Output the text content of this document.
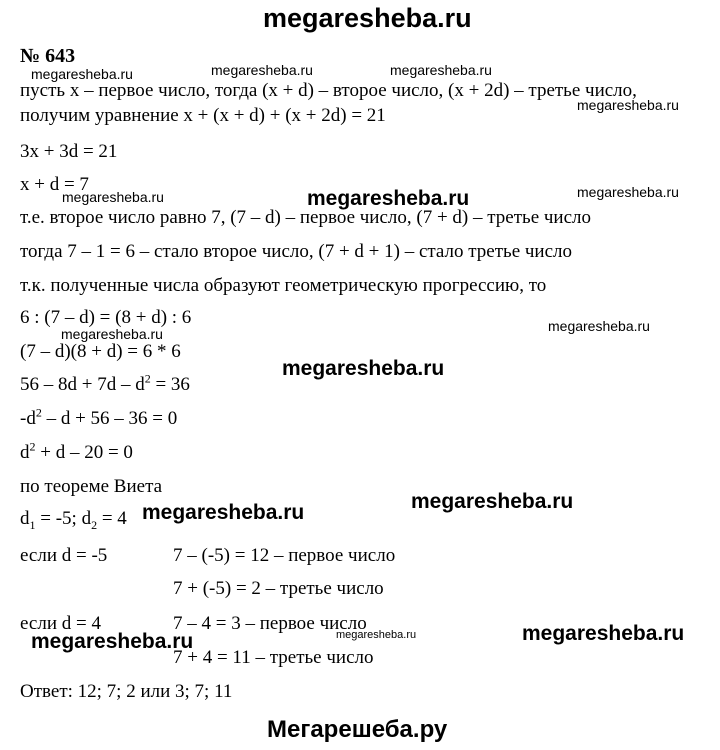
megaresheba.ru
№ 643
megaresheba.ru	megaresheba.ru	megaresheba.ru
пусть х – первое число, тогда (х + d) – второе число, (х + 2d) – третье число,
megaresheba.ru
получим уравнение х + (х + d) + (х + 2d) = 21
3х + 3d = 21
х + d = 7
megaresheba.ru	megaresheba.ru	megaresheba.ru
т.е. второе число равно 7, (7 – d) – первое число, (7 + d) – третье число
тогда 7 – 1 = 6 – стало второе число, (7 + d + 1) – стало третье число
т.к. полученные числа образуют геометрическую прогрессию, то
6 : (7 – d) = (8 + d) : 6
megaresheba.ru	megaresheba.ru
(7 – d)(8 + d) = 6 * 6
megaresheba.ru
$56 - 8d + 7d - d^2 = 36$
$-d^2 - d + 56 - 36 = 0$
$d^2 + d - 20 = 0$
по теореме Виета
megaresheba.ru
$d_1 = -5$; $d_2 = 4$ megaresheba.ru
если d = -5	7 – (-5) = 12 – первое число
7 + (-5) = 2 – третье число
если d = 4	7 – 4 = 3 – первое число
megaresheba.ru	megaresheba.ru	megaresheba.ru
7 + 4 = 11 – третье число
Ответ: 12; 7; 2 или 3; 7; 11
Мегарешеба.ру
